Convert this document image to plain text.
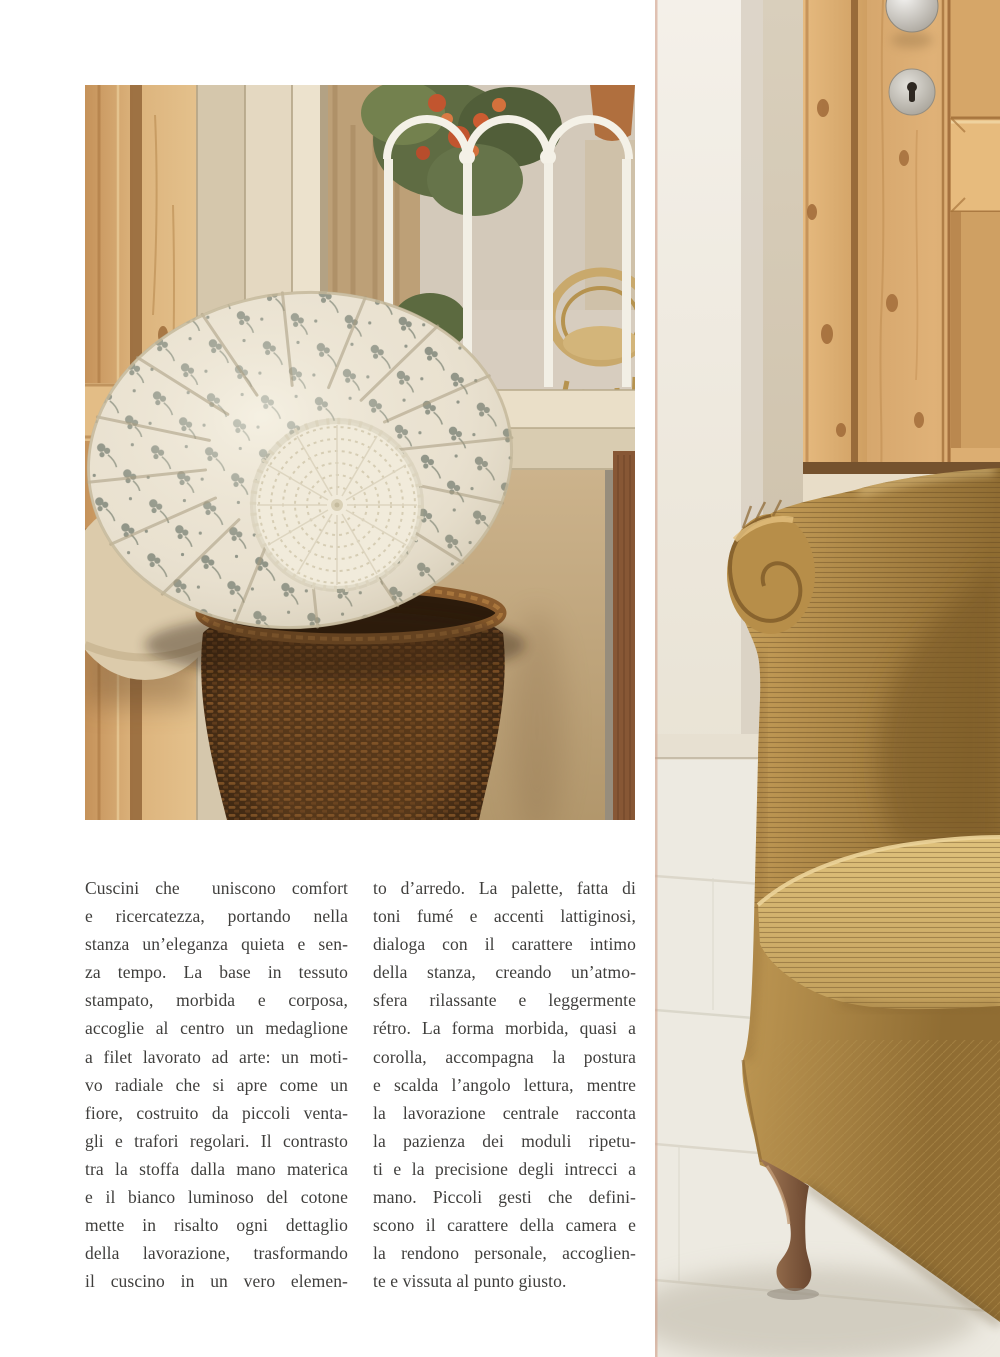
Cuscini che  uniscono comfort
e ricercatezza, portando nella
stanza un’eleganza quieta e sen-
za tempo. La base in tessuto
stampato, morbida e corposa,
accoglie al centro un medaglione
a filet lavorato ad arte: un moti-
vo radiale che si apre come un
fiore, costruito da piccoli venta-
gli e trafori regolari. Il contrasto
tra la stoffa dalla mano materica
e il bianco luminoso del cotone
mette in risalto ogni dettaglio
della lavorazione, trasformando
il cuscino in un vero elemen-
to d’arredo. La palette, fatta di
toni fumé e accenti lattiginosi,
dialoga con il carattere intimo
della stanza, creando un’atmo-
sfera rilassante e leggermente
rétro. La forma morbida, quasi a
corolla, accompagna la postura
e scalda l’angolo lettura, mentre
la lavorazione centrale racconta
la pazienza dei moduli ripetu-
ti e la precisione degli intrecci a
mano. Piccoli gesti che defini-
scono il carattere della camera e
la rendono personale, accoglien-
te e vissuta al punto giusto.
